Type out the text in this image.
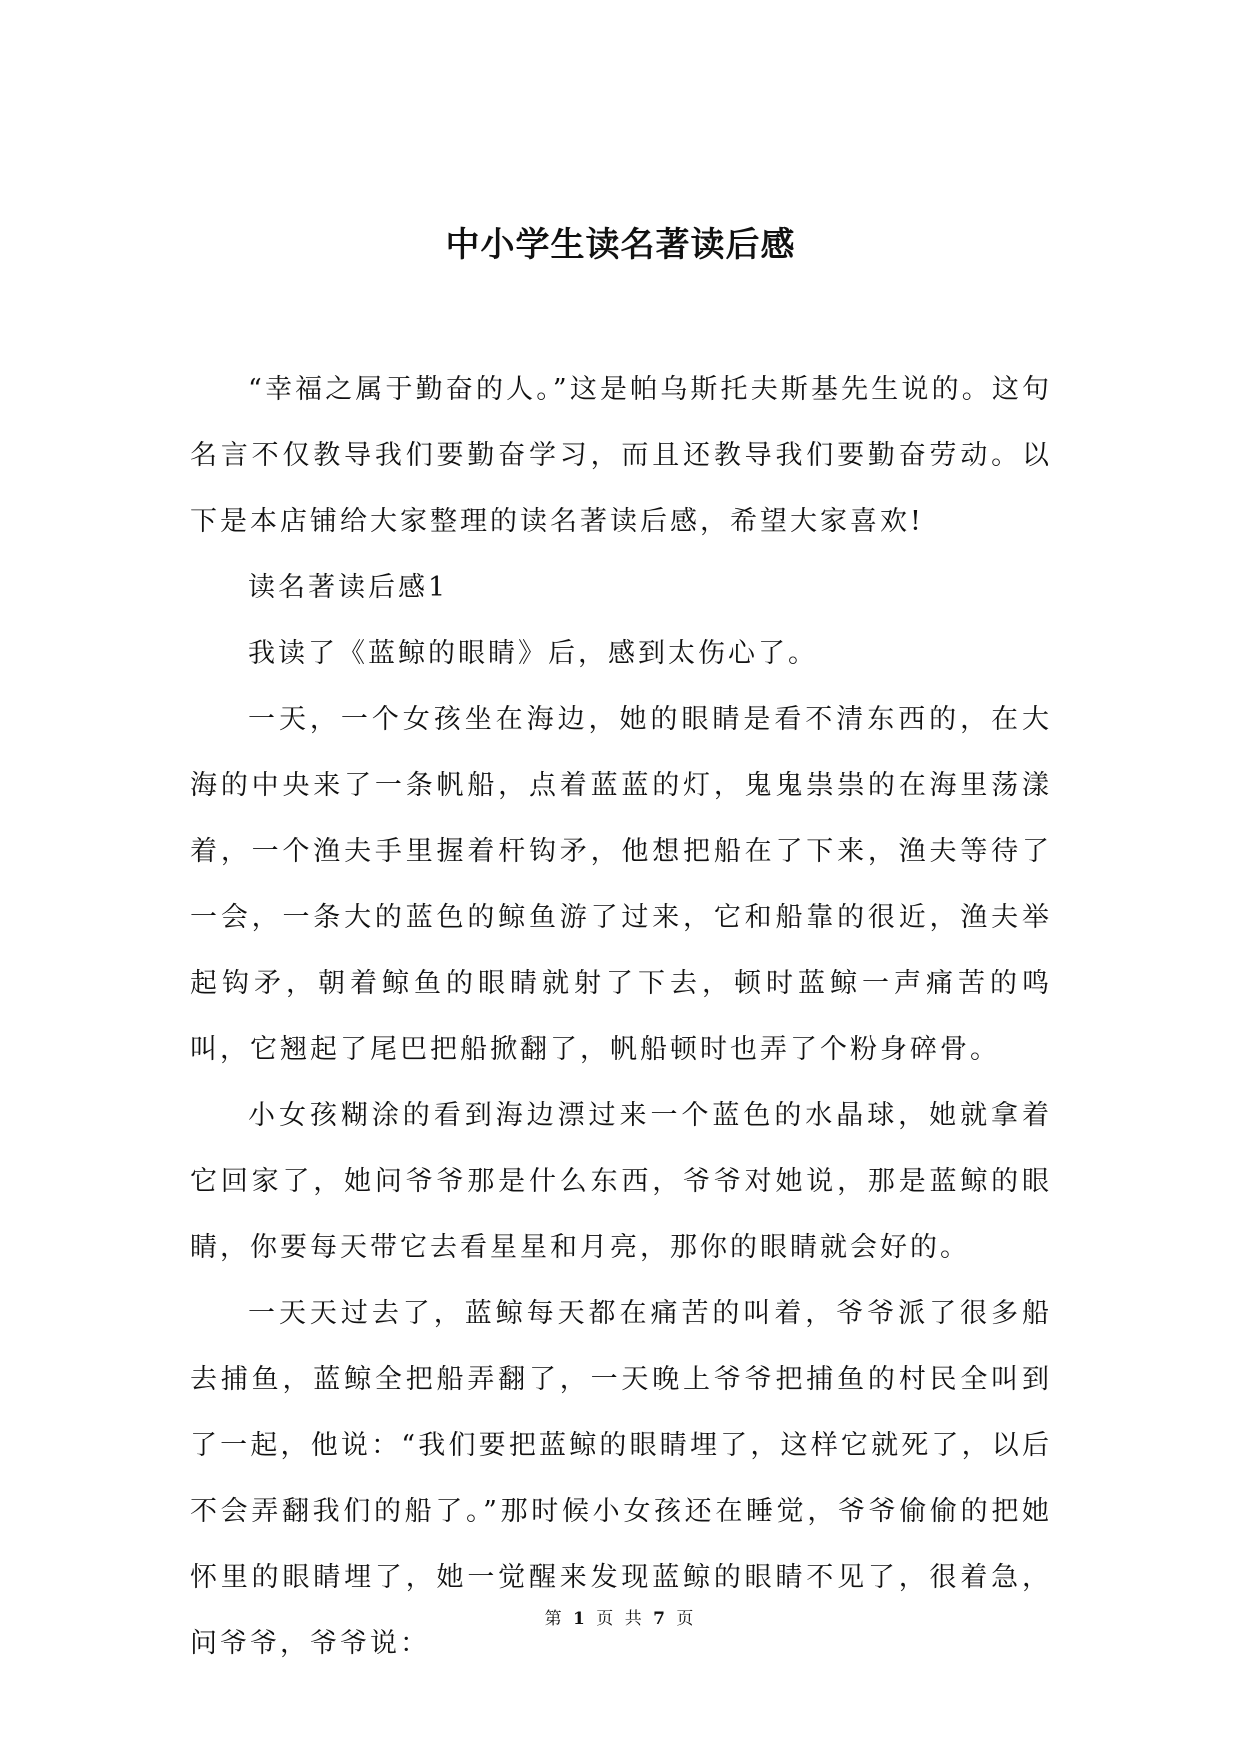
中小学生读名著读后感

“幸福之属于勤奋的人。”这是帕乌斯托夫斯基先生说的。这句名言不仅教导我们要勤奋学习，而且还教导我们要勤奋劳动。以下是本店铺给大家整理的读名著读后感，希望大家喜欢!

读名著读后感1

我读了《蓝鲸的眼睛》后，感到太伤心了。

一天，一个女孩坐在海边，她的眼睛是看不清东西的，在大海的中央来了一条帆船，点着蓝蓝的灯，鬼鬼祟祟的在海里荡漾着，一个渔夫手里握着杆钩矛，他想把船在了下来，渔夫等待了一会，一条大的蓝色的鲸鱼游了过来，它和船靠的很近，渔夫举起钩矛，朝着鲸鱼的眼睛就射了下去，顿时蓝鲸一声痛苦的鸣叫，它翘起了尾巴把船掀翻了，帆船顿时也弄了个粉身碎骨。

小女孩糊涂的看到海边漂过来一个蓝色的水晶球，她就拿着它回家了，她问爷爷那是什么东西，爷爷对她说，那是蓝鲸的眼睛，你要每天带它去看星星和月亮，那你的眼睛就会好的。

一天天过去了，蓝鲸每天都在痛苦的叫着，爷爷派了很多船去捕鱼，蓝鲸全把船弄翻了，一天晚上爷爷把捕鱼的村民全叫到了一起，他说：“我们要把蓝鲸的眼睛埋了，这样它就死了，以后不会弄翻我们的船了。”那时候小女孩还在睡觉，爷爷偷偷的把她怀里的眼睛埋了，她一觉醒来发现蓝鲸的眼睛不见了，很着急，问爷爷，爷爷说：

第 1 页 共 7 页
